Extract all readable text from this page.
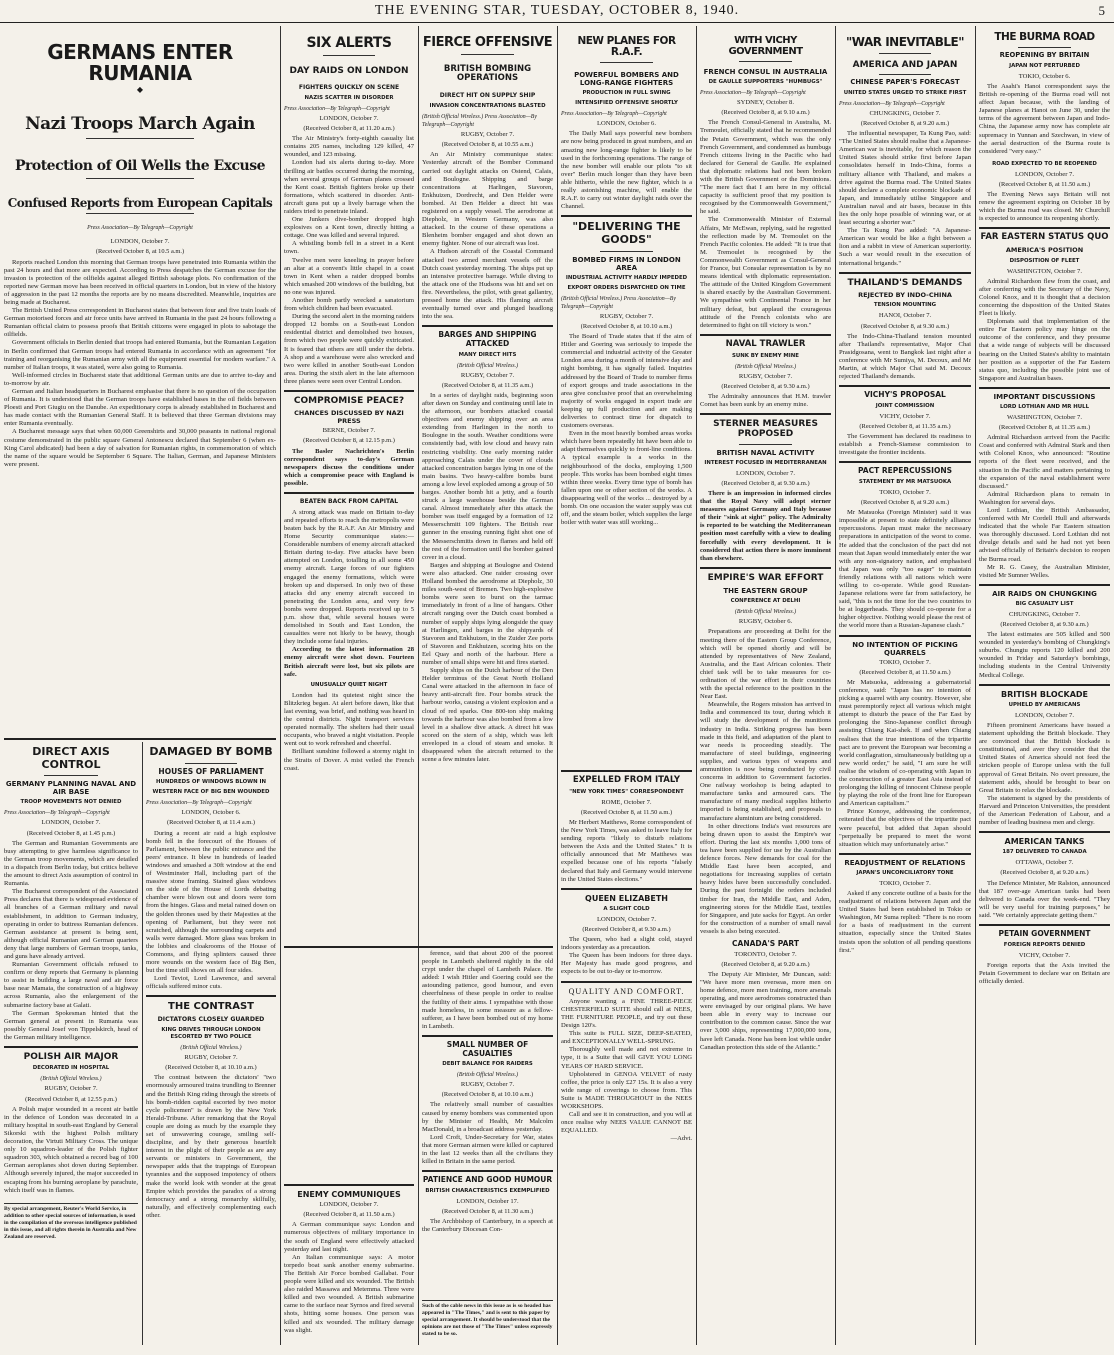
THE EVENING STAR, TUESDAY, OCTOBER 8, 1940.	5
GERMANS ENTER RUMANIA
◆
Nazi Troops March Again
Protection of Oil Wells the Excuse
Confused Reports from European Capitals
Press Association—By Telegraph—Copyright
LONDON, October 7.
(Received October 8, at 10.5 a.m.)

Reports reached London this morning that German troops have penetrated into Rumania within the past 24 hours and that more are expected. According to Press despatches the German excuse for the invasion is protection of the oilfields against alleged British sabotage plots. No confirmation of the reported new German move has been received in official quarters in London, but in view of the history of aggression in the past 12 months the reports are by no means discredited. Meanwhile, inquiries are being made at Bucharest.

The British United Press correspondent in Bucharest states that between four and five train loads of German motorised forces and air force units have arrived in Rumania in the past 24 hours following a Rumanian official claim to possess proofs that British citizens were engaged in plots to sabotage the oilfields.

Government officials in Berlin denied that troops had entered Rumania, but the Rumanian Legation in Berlin confirmed that German troops had entered Rumania in accordance with an agreement "for training and reorganising the Rumanian army with all the equipment essential for modern warfare." A number of Italian troops, it was stated, were also going to Rumania.

Well-informed circles in Bucharest state that additional German units are due to arrive to-day and to-morrow by air.

German and Italian headquarters in Bucharest emphasise that there is no question of the occupation of Rumania. It is understood that the German troops have established bases in the oil fields between Ploesti and Port Giugiu on the Danube. An expeditionary corps is already established in Bucharest and has made contact with the Rumanian General Staff. It is believed that three German divisions may enter Rumania eventually.

A Bucharest message says that when 60,000 Greenshirts and 30,000 peasants in national regional costume demonstrated in the public square General Antonescu declared that September 6 (when ex-King Carol abdicated) had been a day of salvation for Rumanian rights, in commemoration of which the name of the square would be September 6 Square. The Italian, German, and Japanese Ministers were present.

DIRECT AXIS CONTROL
GERMANY PLANNING NAVAL AND AIR BASE
TROOP MOVEMENTS NOT DENIED
Press Association—By Telegraph—Copyright
LONDON, October 7.
(Received October 8, at 1.45 p.m.)

The German and Rumanian Governments are busy attempting to give harmless significance to the German troop movements, which are detailed in a dispatch from Berlin today, but critics believe the amount to direct Axis assumption of control in Rumania.

The Bucharest correspondent of the Associated Press declares that there is widespread evidence of all branches of a German military and naval establishment, in addition to German industry, operating in order to buttress Rumanian defences. German assistance at present is being sent, although official Rumanian and German quarters deny that large numbers of German troops, tanks, and guns have already arrived.

Rumanian Government officials refused to confirm or deny reports that Germany is planning to assist in building a large naval and air force base near Mamaia, the construction of a highway across Rumania, also the enlargement of the submarine factory base at Galati.

The German Spokesman hinted that the German general at present in Rumania was possibly General Josef von Tippelskirch, head of the German military intelligence.

POLISH AIR MAJOR
DECORATED IN HOSPITAL
(British Official Wireless.)
RUGBY, October 7.
(Received October 8, at 12.55 p.m.)

A Polish major wounded in a recent air battle in the defence of London was decorated in a military hospital in south-east England by General Sikorski with the highest Polish military decoration, the Virtuti Military Cross. The unique only 10 squadron-leader of the Polish fighter squadron 303, which obtained a record bag of 100 German aeroplanes shot down during September. Although severely injured, the major succeeded in escaping from his burning aeroplane by parachute, which itself was in flames.

By special arrangement, Reuter's World Service, in addition to other special sources of information, is used in the compilation of the overseas intelligence published in this issue, and all rights therein in Australia and New Zealand are reserved.
DAMAGED BY BOMB
HOUSES OF PARLIAMENT
HUNDREDS OF WINDOWS BLOWN IN
WESTERN FACE OF BIG BEN WOUNDED
Press Association—By Telegraph—Copyright
LONDON, October 6.
(Received October 8, at 11.4 a.m.)

During a recent air raid a high explosive bomb fell in the forecourt of the Houses of Parliament, between the public entrance and the peers' entrance. It blew in hundreds of leaded windows and smashed a 30ft window at the end of Westminster Hall, including part of the massive stone framing. Stained glass windows on the side of the House of Lords debating chamber were blown out and doors were torn from the hinges. Glass and metal rained down on the golden thrones used by their Majesties at the opening of Parliament, but they were not scratched, although the surrounding carpets and walls were damaged. More glass was broken in the lobbies and cloakrooms of the House of Commons, and flying splinters caused three more wounds on the western face of Big Ben, but the time still shows on all four sides.

Lord Teviot, Lord Lawrence, and several officials suffered minor cuts.

THE CONTRAST
DICTATORS CLOSELY GUARDED
KING DRIVES THROUGH LONDON ESCORTED BY TWO POLICE
(British Official Wireless.)
RUGBY, October 7.
(Received October 8, at 10.10 a.m.)

The contrast between the dictators' "two enormously armoured trains trundling to Brenner and the British King riding through the streets of his bomb-ridden capital escorted by two motor cycle policemen" is drawn by the New York Herald-Tribune. After remarking that the Royal couple are doing as much by the example they set of unwavering courage, smiling self-discipline, and by their generous heartfelt interest in the plight of their people as are any servants or ministers in Government, the newspaper adds that the trappings of European tyrannies and the supposed impotency of others make the world look with wonder at the great Empire which provides the paradox of a strong democracy and a strong monarchy skilfully, naturally, and effectively complementing each other.

SIX ALERTS
DAY RAIDS ON LONDON
FIGHTERS QUICKLY ON SCENE
NAZIS SCATTER IN DISORDER
Press Association—By Telegraph—Copyright
LONDON, October 7.
(Received October 8, at 11.20 a.m.)

The Air Ministry's forty-eighth casualty list contains 205 names, including 129 killed, 47 wounded, and 123 missing.

London had six alerts during to-day. More thrilling air battles occurred during the morning, when several groups of German planes crossed the Kent coast. British fighters broke up their formations, which scattered in disorder. Anti-aircraft guns put up a lively barrage when the raiders tried to penetrate inland.

One Junkers dive-bomber dropped high explosives on a Kent town, directly hitting a cottage. One was killed and several injured.

A whistling bomb fell in a street in a Kent town.

Twelve men were kneeling in prayer before an altar at a convent's little chapel in a coast town in Kent when a raider dropped bombs which smashed 200 windows of the building, but no one was injured.

Another bomb partly wrecked a sanatorium from which children had been evacuated.

During the second alert in the morning raiders dropped 12 bombs on a South-east London residential district and demolished two houses, from which two people were quickly extricated. It is feared that others are still under the debris. A shop and a warehouse were also wrecked and two were killed in another South-east London area. During the sixth alert in the late afternoon three planes were seen over Central London.

COMPROMISE PEACE?
CHANCES DISCUSSED BY NAZI PRESS
BERNE, October 7.
(Received October 8, at 12.15 p.m.)

The Basler Nachrichten's Berlin correspondent says to-day's German newspapers discuss the conditions under which a compromise peace with England is possible.

BEATEN BACK FROM CAPITAL

A strong attack was made on Britain to-day and repeated efforts to reach the metropolis were beaten back by the R.A.F. An Air Ministry and Home Security communique states:—Considerable numbers of enemy aircraft attacked Britain during to-day. Five attacks have been attempted on London, totalling in all some 450 enemy aircraft. Large forces of our fighters engaged the enemy formations, which were broken up and dispersed. In only two of these attacks did any enemy aircraft succeed in penetrating the London area, and very few bombs were dropped. Reports received up to 5 p.m. show that, while several houses were demolished in South and East London, the casualties were not likely to be heavy, though they include some fatal injuries.

According to the latest information 28 enemy aircraft were shot down. Fourteen British aircraft were lost, but six pilots are safe.

UNUSUALLY QUIET NIGHT

London had its quietest night since the Blitzkrieg began. At alert before dawn, like that last evening, was brief, and nothing was heard in the central districts. Night transport services operated normally. The shelters had their usual occupants, who braved a night visitation. People went out to work refreshed and cheerful.

Brilliant sunshine followed a stormy night in the Straits of Dover. A mist veiled the French coast.

FIERCE OFFENSIVE
BRITISH BOMBING OPERATIONS
DIRECT HIT ON SUPPLY SHIP
INVASION CONCENTRATIONS BLASTED
(British Official Wireless.) Press Association—By Telegraph—Copyright
RUGBY, October 7.
(Received October 8, at 10.55 a.m.)

An Air Ministry communique states: Yesterday aircraft of the Bomber Command carried out daylight attacks on Ostend, Calais, and Boulogne. Shipping and barge concentrations at Harlingen, Stavoren, Enkhuizen, Dordrecht, and Den Helder were bombed. At Den Helder a direct hit was registered on a supply vessel. The aerodrome at Diepholz, in Western Germany, was also attacked. In the course of these operations a Blenheim bomber engaged and shot down an enemy fighter. None of our aircraft was lost.

A Hudson aircraft of the Coastal Command attacked two armed merchant vessels off the Dutch coast yesterday morning. The ships put up an intensive protective barrage. While diving to the attack one of the Hudsons was hit and set on fire. Nevertheless, the pilot, with great gallantry, pressed home the attack. His flaming aircraft eventually turned over and plunged headlong into the sea.

BARGES AND SHIPPING ATTACKED
MANY DIRECT HITS
(British Official Wireless.)
RUGBY, October 7.
(Received October 8, at 11.35 a.m.)

In a series of daylight raids, beginning soon after dawn on Sunday and continuing until late in the afternoon, our bombers attacked coastal objectives and enemy shipping over an area extending from Harlingen in the north to Boulogne in the south. Weather conditions were consistently bad, with low cloud and heavy rain restricting visibility. One early morning raider approaching Calais under the cover of clouds attacked concentration barges lying in one of the main basins. Two heavy-calibre bombs burst among a low level exploded among a group of 50 barges. Another bomb hit a jetty, and a fourth struck a large warehouse beside the German canal. Almost immediately after this attack the bomber was itself engaged by a formation of 12 Messerschmitt 109 fighters. The British rear gunner in the ensuing running fight shot one of the Messerschmitts down in flames and held off the rest of the formation until the bomber gained cover in a cloud.

Barges and shipping at Boulogne and Ostend were also attacked. One raider crossing over Holland bombed the aerodrome at Diepholz, 30 miles south-west of Bremen. Two high-explosive bombs were seen to burst on the tarmac immediately in front of a line of hangars. Other aircraft ranging over the Dutch coast bombed a number of supply ships lying alongside the quay at Harlingen, and barges in the shipyards of Stavoren and Enkhuizen, in the Zuider Zee ports of Stavoren and Enkhuizen, scoring hits on the Eel Quay and north of the harbour. Here a number of small ships were hit and fires started.

Supply ships on the Dutch harbour of the Den Helder terminus of the Great North Holland Canal were attacked in the afternoon in face of heavy anti-aircraft fire. Four bombs struck the harbour works, causing a violent explosion and a cloud of red sparks. One 800-ton ship making towards the harbour was also bombed from a low level in a shallow dive attack. A direct hit was scored on the stern of a ship, which was left enveloped in a cloud of steam and smoke. It disappeared when the aircraft returned to the scene a few minutes later.

ference, said that about 200 of the poorest people in Lambeth sheltered nightly in the old crypt under the chapel of Lambeth Palace. He added: I wish Hitler and Goering could see the astounding patience, good humour, and even cheerfulness of these people in order to realise the futility of their aims. I sympathise with those made homeless, in some measure as a fellow-sufferer, as I have been bombed out of my home in Lambeth.

SMALL NUMBER OF CASUALTIES
DEBIT BALANCE FOR RAIDERS
(British Official Wireless.)
RUGBY, October 7.
(Received October 8, at 10.10 a.m.)

The relatively small number of casualties caused by enemy bombers was commented upon by the Minister of Health, Mr Malcolm MacDonald, in a broadcast address yesterday.

Lord Croft, Under-Secretary for War, states that more German airmen were killed or captured in the last 12 weeks than all the civilians they killed in Britain in the same period.

PATIENCE AND GOOD HUMOUR
BRITISH CHARACTERISTICS EXEMPLIFIED
LONDON, October 17.
(Received October 8, at 11.30 a.m.)

The Archbishop of Canterbury, in a speech at the Canterbury Diocesan Con-

NEW PLANES FOR R.A.F.
POWERFUL BOMBERS AND LONG-RANGE FIGHTERS
PRODUCTION IN FULL SWING
INTENSIFIED OFFENSIVE SHORTLY
Press Association—By Telegraph—Copyright
LONDON, October 6.

The Daily Mail says powerful new bombers are now being produced in great numbers, and an amazing new long-range fighter is likely to be used in the forthcoming operations. The range of the new bomber will enable our pilots "to sit over" Berlin much longer than they have been able hitherto, while the new fighter, which is a really astonishing machine, will enable the R.A.F. to carry out winter daylight raids over the Channel.

"DELIVERING THE GOODS"
BOMBED FIRMS IN LONDON AREA
INDUSTRIAL ACTIVITY HARDLY IMPEDED
EXPORT ORDERS DISPATCHED ON TIME
(British Official Wireless.) Press Association—By Telegraph—Copyright
RUGBY, October 7.
(Received October 8, at 10.10 a.m.)

The Board of Trade states that if the aim of Hitler and Goering was seriously to impede the commercial and industrial activity of the Greater London area during a month of intensive day and night bombing, it has signally failed. Inquiries addressed by the Board of Trade to number firms of export groups and trade associations in the area give conclusive proof that an overwhelming majority of works engaged in export trade are keeping up full production and are making deliveries to contract time for dispatch to customers overseas.

Even in the most heavily bombed areas works which have been repeatedly hit have been able to adapt themselves quickly to front-line conditions. A typical example is a works in the neighbourhood of the docks, employing 1,500 people. This works has been bombed eight times within three weeks. Every time type of bomb has fallen upon one or other section of the works. A disappearing well of the works ... destroyed by a bomb. On one occasion the water supply was cut off, and the steam boiler, which supplies the large boiler with water was still working...

EXPELLED FROM ITALY
"NEW YORK TIMES" CORRESPONDENT
ROME, October 7.
(Received October 8, at 11.50 a.m.)

Mr Herbert Matthews, Rome correspondent of the New York Times, was asked to leave Italy for sending reports "likely to disturb relations between the Axis and the United States." It is officially announced that Mr Matthews was expelled because one of his reports "falsely declared that Italy and Germany would intervene in the United States elections."

QUEEN ELIZABETH
A SLIGHT COLD
LONDON, October 7.
(Received October 8, at 9.30 a.m.)

The Queen, who had a slight cold, stayed indoors yesterday as a precaution.

The Queen has been indoors for three days. Her Majesty has made good progress, and expects to be out to-day or to-morrow.

QUALITY AND COMFORT.

Anyone wanting a FINE THREE-PIECE CHESTERFIELD SUITE should call at NEES, THE FURNITURE PEOPLE, and try out these Design 120's.

This suite is FULL SIZE, DEEP-SEATED, and EXCEPTIONALLY WELL-SPRUNG.

Thoroughly well made and not extreme in type, it is a Suite that will GIVE YOU LONG YEARS OF HARD SERVICE.

Upholstered in GENOA VELVET of rusty coffee, the price is only £27 15s. It is also a very wide range of coverings to choose from. This Suite is MADE THROUGHOUT in the NEES WORKSHOPS.

Call and see it in construction, and you will at once realise why NEES VALUE CANNOT BE EQUALLED.

—Advt.
ENEMY COMMUNIQUES
LONDON, October 7.
(Received October 8, at 11.50 a.m.)

A German communique says: London and numerous objectives of military importance in the south of England were effectively attacked yesterday and last night.

An Italian communique says: A motor torpedo boat sank another enemy submarine. The British Air Force bombed Gallabat. Four people were killed and six wounded. The British also raided Massawa and Metemma. Three were killed and two wounded. A British submarine came to the surface near Syrnos and fired several shots, hitting some houses. One person was killed and six wounded. The military damage was slight.

Such of the cable news in this issue as is so headed has appeared in "The Times," and is sent to this paper by special arrangement. It should be understood that the opinions are not those of "The Times" unless expressly stated to be so.
WITH VICHY GOVERNMENT
FRENCH CONSUL IN AUSTRALIA
DE GAULLE SUPPORTERS "HUMBUGS"
Press Association—By Telegraph—Copyright
SYDNEY, October 8.
(Received October 8, at 9.10 a.m.)

The French Consul-General in Australia, M. Tremoulet, officially stated that he recommended the Petain Government, which was the only French Government, and condemned as humbugs French citizens living in the Pacific who had declared for General de Gaulle. He explained that diplomatic relations had not been broken with the British Government or the Dominions. "The mere fact that I am here in my official capacity is sufficient proof that my position is recognised by the Commonwealth Government," he said.

The Commonwealth Minister of External Affairs, Mr McEwan, replying, said he regretted the reflection made by M. Tremoulet on the French Pacific colonies. He added: "It is true that M. Tremoulet is recognised by the Commonwealth Government as Consul-General for France, but Consular representation is by no means identical with diplomatic representation. The attitude of the United Kingdom Government is shared exactly by the Australian Government. We sympathise with Continental France in her military defeat, but applaud the courageous attitude of the French colonists who are determined to fight on till victory is won."

NAVAL TRAWLER
SUNK BY ENEMY MINE
(British Official Wireless.)
RUGBY, October 7.
(Received October 8, at 9.30 a.m.)

The Admiralty announces that H.M. trawler Comet has been sunk by an enemy mine.

STERNER MEASURES PROPOSED
BRITISH NAVAL ACTIVITY
INTEREST FOCUSED IN MEDITERRANEAN
LONDON, October 7.
(Received October 8, at 9.30 a.m.)

There is an impression in informed circles that the Royal Navy will adopt sterner measures against Germany and Italy because of their "sink at sight" policy. The Admiralty is reported to be watching the Mediterranean position most carefully with a view to dealing forcefully with every development. It is considered that action there is more imminent than elsewhere.

EMPIRE'S WAR EFFORT
THE EASTERN GROUP
CONFERENCE AT DELHI
(British Official Wireless.)
RUGBY, October 6.

Preparations are proceeding at Delhi for the meeting there of the Eastern Group Conference, which will be opened shortly and will be attended by representatives of New Zealand, Australia, and the East African colonies. Their chief task will be to take measures for co-ordination of the war effort in their countries with the special reference to the position in the Near East.

Meanwhile, the Rogers mission has arrived in India and commenced its tour, during which it will study the development of the munitions industry in India. Striking progress has been made in this field, and adaptation of the plant to war needs is proceeding steadily. The manufacture of steel buildings, engineering supplies, and various types of weapons and ammunition is now being conducted by civil concerns in addition to Government factories. One railway workshop is being adapted to manufacture tanks and armoured cars. The manufacture of many medical supplies hitherto imported is being established, and proposals to manufacture aluminium are being considered.

In other directions India's vast resources are being drawn upon to assist the Empire's war effort. During the last six months 1,000 tons of tea have been supplied for use by the Australian defence forces. New demands for coal for the Middle East have been accepted, and negotiations for increasing supplies of certain heavy hides have been successfully concluded. During the past fortnight the orders included timber for Iran, the Middle East, and Aden, engineering stores for the Middle East, textiles for Singapore, and jute sacks for Egypt. An order for the construction of a number of small naval vessels is also being executed.

CANADA'S PART
TORONTO, October 7.
(Received October 8, at 9.20 a.m.)

The Deputy Air Minister, Mr Duncan, said: "We have more men overseas, more men on home defence, more men training, more arsenals operating, and more aerodromes constructed than were envisaged by our original plans. We have been able in every way to increase our contribution to the common cause. Since the war over 3,000 ships, representing 17,000,000 tons, have left Canada. None has been lost while under Canadian protection this side of the Atlantic."

"WAR INEVITABLE"
AMERICA AND JAPAN
CHINESE PAPER'S FORECAST
UNITED STATES URGED TO STRIKE FIRST
Press Association—By Telegraph—Copyright
CHUNGKING, October 7.
(Received October 8, at 9.20 a.m.)

The influential newspaper, Ta Kung Pao, said: "The United States should realise that a Japanese-American war is inevitable, for which reason the United States should strike first before Japan consolidates herself in Indo-China, forms a military alliance with Thailand, and makes a drive against the Burma road. The United States should declare a complete economic blockade of Japan, and immediately utilise Singapore and Australian naval and air bases, because in this lies the only hope possible of winning war, or at least securing a shorter war."

The Ta Kung Pao added: "A Japanese-American war would be like a fight between a lion and a rabbit in view of American superiority. Such a war would result in the execution of international brigands."

THAILAND'S DEMANDS
REJECTED BY INDO-CHINA
TENSION MOUNTING
HANOI, October 7.
(Received October 8, at 9.30 a.m.)

The Indo-China-Thailand tension mounted after Thailand's representative, Major Chai Prasidgosana, went to Bangkok last night after a conference with Mr Sumiya, M. Decoux, and Mr Martin, at which Major Chai said M. Decoux rejected Thailand's demands.

VICHY'S PROPOSAL
JOINT COMMISSION
VICHY, October 7.
(Received October 8, at 11.35 a.m.)

The Government has declared its readiness to establish a French-Siamese commission to investigate the frontier incidents.

PACT REPERCUSSIONS
STATEMENT BY MR MATSUOKA
TOKIO, October 7.
(Received October 8, at 9.20 a.m.)

Mr Matsuoka (Foreign Minister) said it was impossible at present to state definitely alliance repercussions. Japan must make the necessary preparations in anticipation of the worst to come. He added that the conclusion of the pact did not mean that Japan would immediately enter the war with any non-signatory nation, and emphasised that Japan was only "too eager" to maintain friendly relations with all nations which were willing to co-operate. While good Russian-Japanese relations were far from satisfactory, he said, "this is not the time for the two countries to be at loggerheads. They should co-operate for a higher objective. Nothing would please the rest of the world more than a Russian-Japanese clash."

NO INTENTION OF PICKING QUARRELS
TOKIO, October 7.
(Received October 8, at 11.50 a.m.)

Mr Matsuoka, addressing a gubernatorial conference, said: "Japan has no intention of picking a quarrel with any country. However, she must peremptorily reject all various which might attempt to disturb the peace of the Far East by prolonging the Sino-Japanese conflict through assisting Chiang Kai-shek. If and when Chiang realises that the true intentions of the tripartite pact are to prevent the European war becoming a world conflagration, simultaneously building up a new world order," he said, "I am sure he will realise the wisdom of co-operating with Japan in the construction of a greater East Asia instead of prolonging the killing of innocent Chinese people by playing the role of the front line for European and American capitalism."

Prince Konoye, addressing the conference, reiterated that the objectives of the tripartite pact were peaceful, but added that Japan should "perpetually be prepared to meet the worst situation which may unfortunately arise."

READJUSTMENT OF RELATIONS
JAPAN'S UNCONCILIATORY TONE
TOKIO, October 7.

Asked if any concrete outline of a basis for the readjustment of relations between Japan and the United States had been established in Tokio or Washington, Mr Suma replied: "There is no room for a basis of readjustment in the current situation, especially since the United States insists upon the solution of all pending questions first."

THE BURMA ROAD
REOPENING BY BRITAIN
JAPAN NOT PERTURBED
TOKIO, October 6.

The Asahi's Hanoi correspondent says the British re-opening of the Burma road will not affect Japan because, with the landing of Japanese planes at Hanoi on June 30, under the terms of the agreement between Japan and Indo-China, the Japanese army now has complete air supremacy in Yunnan and Szechwan, in view of the aerial destruction of the Burma route is considered "very easy."

ROAD EXPECTED TO BE REOPENED
LONDON, October 7.
(Received October 8, at 11.50 a.m.)

The Evening News says Britain will not renew the agreement expiring on October 18 by which the Burma road was closed. Mr Churchill is expected to announce its reopening shortly.

FAR EASTERN STATUS QUO
AMERICA'S POSITION
DISPOSITION OF FLEET
WASHINGTON, October 7.

Admiral Richardson flew from the coast, and after conferring with the Secretary of the Navy, Colonel Knox, and it is thought that a decision concerning the disposition of the United States Fleet is likely.

Diplomats said that implementation of the entire Far Eastern policy may hinge on the outcome of the conference, and they presume that a wide range of subjects will be discussed bearing on the United States's ability to maintain her position as a supporter of the Far Eastern status quo, including the possible joint use of Singapore and Australian bases.

IMPORTANT DISCUSSIONS
LORD LOTHIAN AND MR HULL
WASHINGTON, October 7.
(Received October 8, at 11.35 a.m.)

Admiral Richardson arrived from the Pacific Coast and conferred with Admiral Stark and then with Colonel Knox, who announced: "Routine reports of the fleet were received, and the situation in the Pacific and matters pertaining to the expansion of the naval establishment were discussed."

Admiral Richardson plans to remain in Washington for several days.

Lord Lothian, the British Ambassador, conferred with Mr Cordell Hull and afterwards indicated that the whole Far Eastern situation was thoroughly discussed. Lord Lothian did not divulge details and said he had not yet been advised officially of Britain's decision to reopen the Burma road.

Mr R. G. Casey, the Australian Minister, visited Mr Sumner Welles.

AIR RAIDS ON CHUNGKING
BIG CASUALTY LIST
CHUNGKING, October 7.
(Received October 8, at 9.30 a.m.)

The latest estimates are 505 killed and 500 wounded in yesterday's bombing of Chungking's suburbs. Chungtu reports 120 killed and 200 wounded in Friday and Saturday's bombings, including students in the Central University Medical College.

BRITISH BLOCKADE
UPHELD BY AMERICANS
LONDON, October 7.

Fifteen prominent Americans have issued a statement upholding the British blockade. They are convinced that the British blockade is constitutional, and aver they consider that the United States of America should not feed the stricken people of Europe unless with the full approval of Great Britain. No overt pressure, the statement adds, should be brought to bear on Great Britain to relax the blockade.

The statement is signed by the presidents of Harvard and Princeton Universities, the president of the American Federation of Labour, and a number of leading business men and clergy.

AMERICAN TANKS
187 DELIVERED TO CANADA
OTTAWA, October 7.
(Received October 8, at 9.20 a.m.)

The Defence Minister, Mr Ralston, announced that 187 over-age American tanks had been delivered to Canada over the week-end. "They will be very useful for training purposes," he said. "We certainly appreciate getting them."

PETAIN GOVERNMENT
FOREIGN REPORTS DENIED
VICHY, October 7.

Foreign reports that the Axis invited the Petain Government to declare war on Britain are officially denied.
